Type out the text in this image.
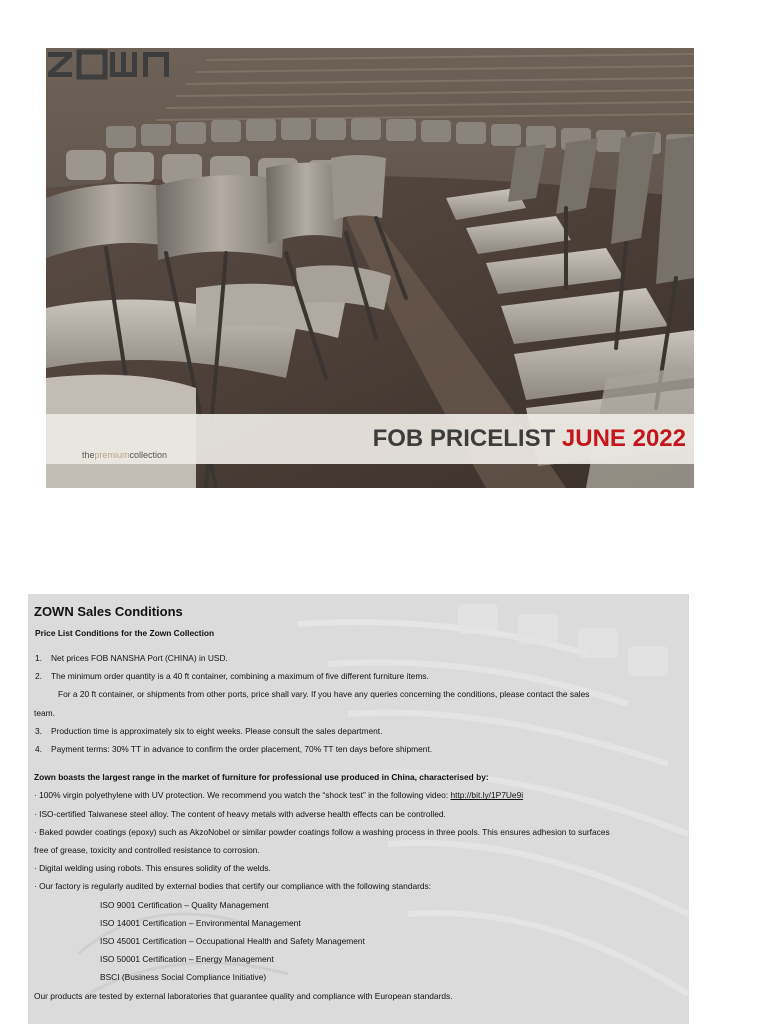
thepremiumcollection
FOB PRICELIST JUNE 2022
ZOWN Sales Conditions
Price List Conditions for the Zown Collection
1. Net prices FOB NANSHA Port (CHINA) in USD.
2. The minimum order quantity is a 40 ft container, combining a maximum of five different furniture items.
For a 20 ft container, or shipments from other ports, price shall vary. If you have any queries concerning the conditions, please contact the sales
team.
3. Production time is approximately six to eight weeks. Please consult the sales department.
4. Payment terms: 30% TT in advance to confirm the order placement, 70% TT ten days before shipment.
Zown boasts the largest range in the market of furniture for professional use produced in China, characterised by:
· 100% virgin polyethylene with UV protection. We recommend you watch the “shock test” in the following video: http://bit.ly/1P7Ue9i
· ISO-certified Taiwanese steel alloy. The content of heavy metals with adverse health effects can be controlled.
· Baked powder coatings (epoxy) such as AkzoNobel or similar powder coatings follow a washing process in three pools. This ensures adhesion to surfaces
free of grease, toxicity and controlled resistance to corrosion.
· Digital welding using robots. This ensures solidity of the welds.
· Our factory is regularly audited by external bodies that certify our compliance with the following standards:
ISO 9001 Certification – Quality Management
ISO 14001 Certification – Environmental Management
ISO 45001 Certification – Occupational Health and Safety Management
ISO 50001 Certification – Energy Management
BSCI (Business Social Compliance Initiative)
Our products are tested by external laboratories that guarantee quality and compliance with European standards.
